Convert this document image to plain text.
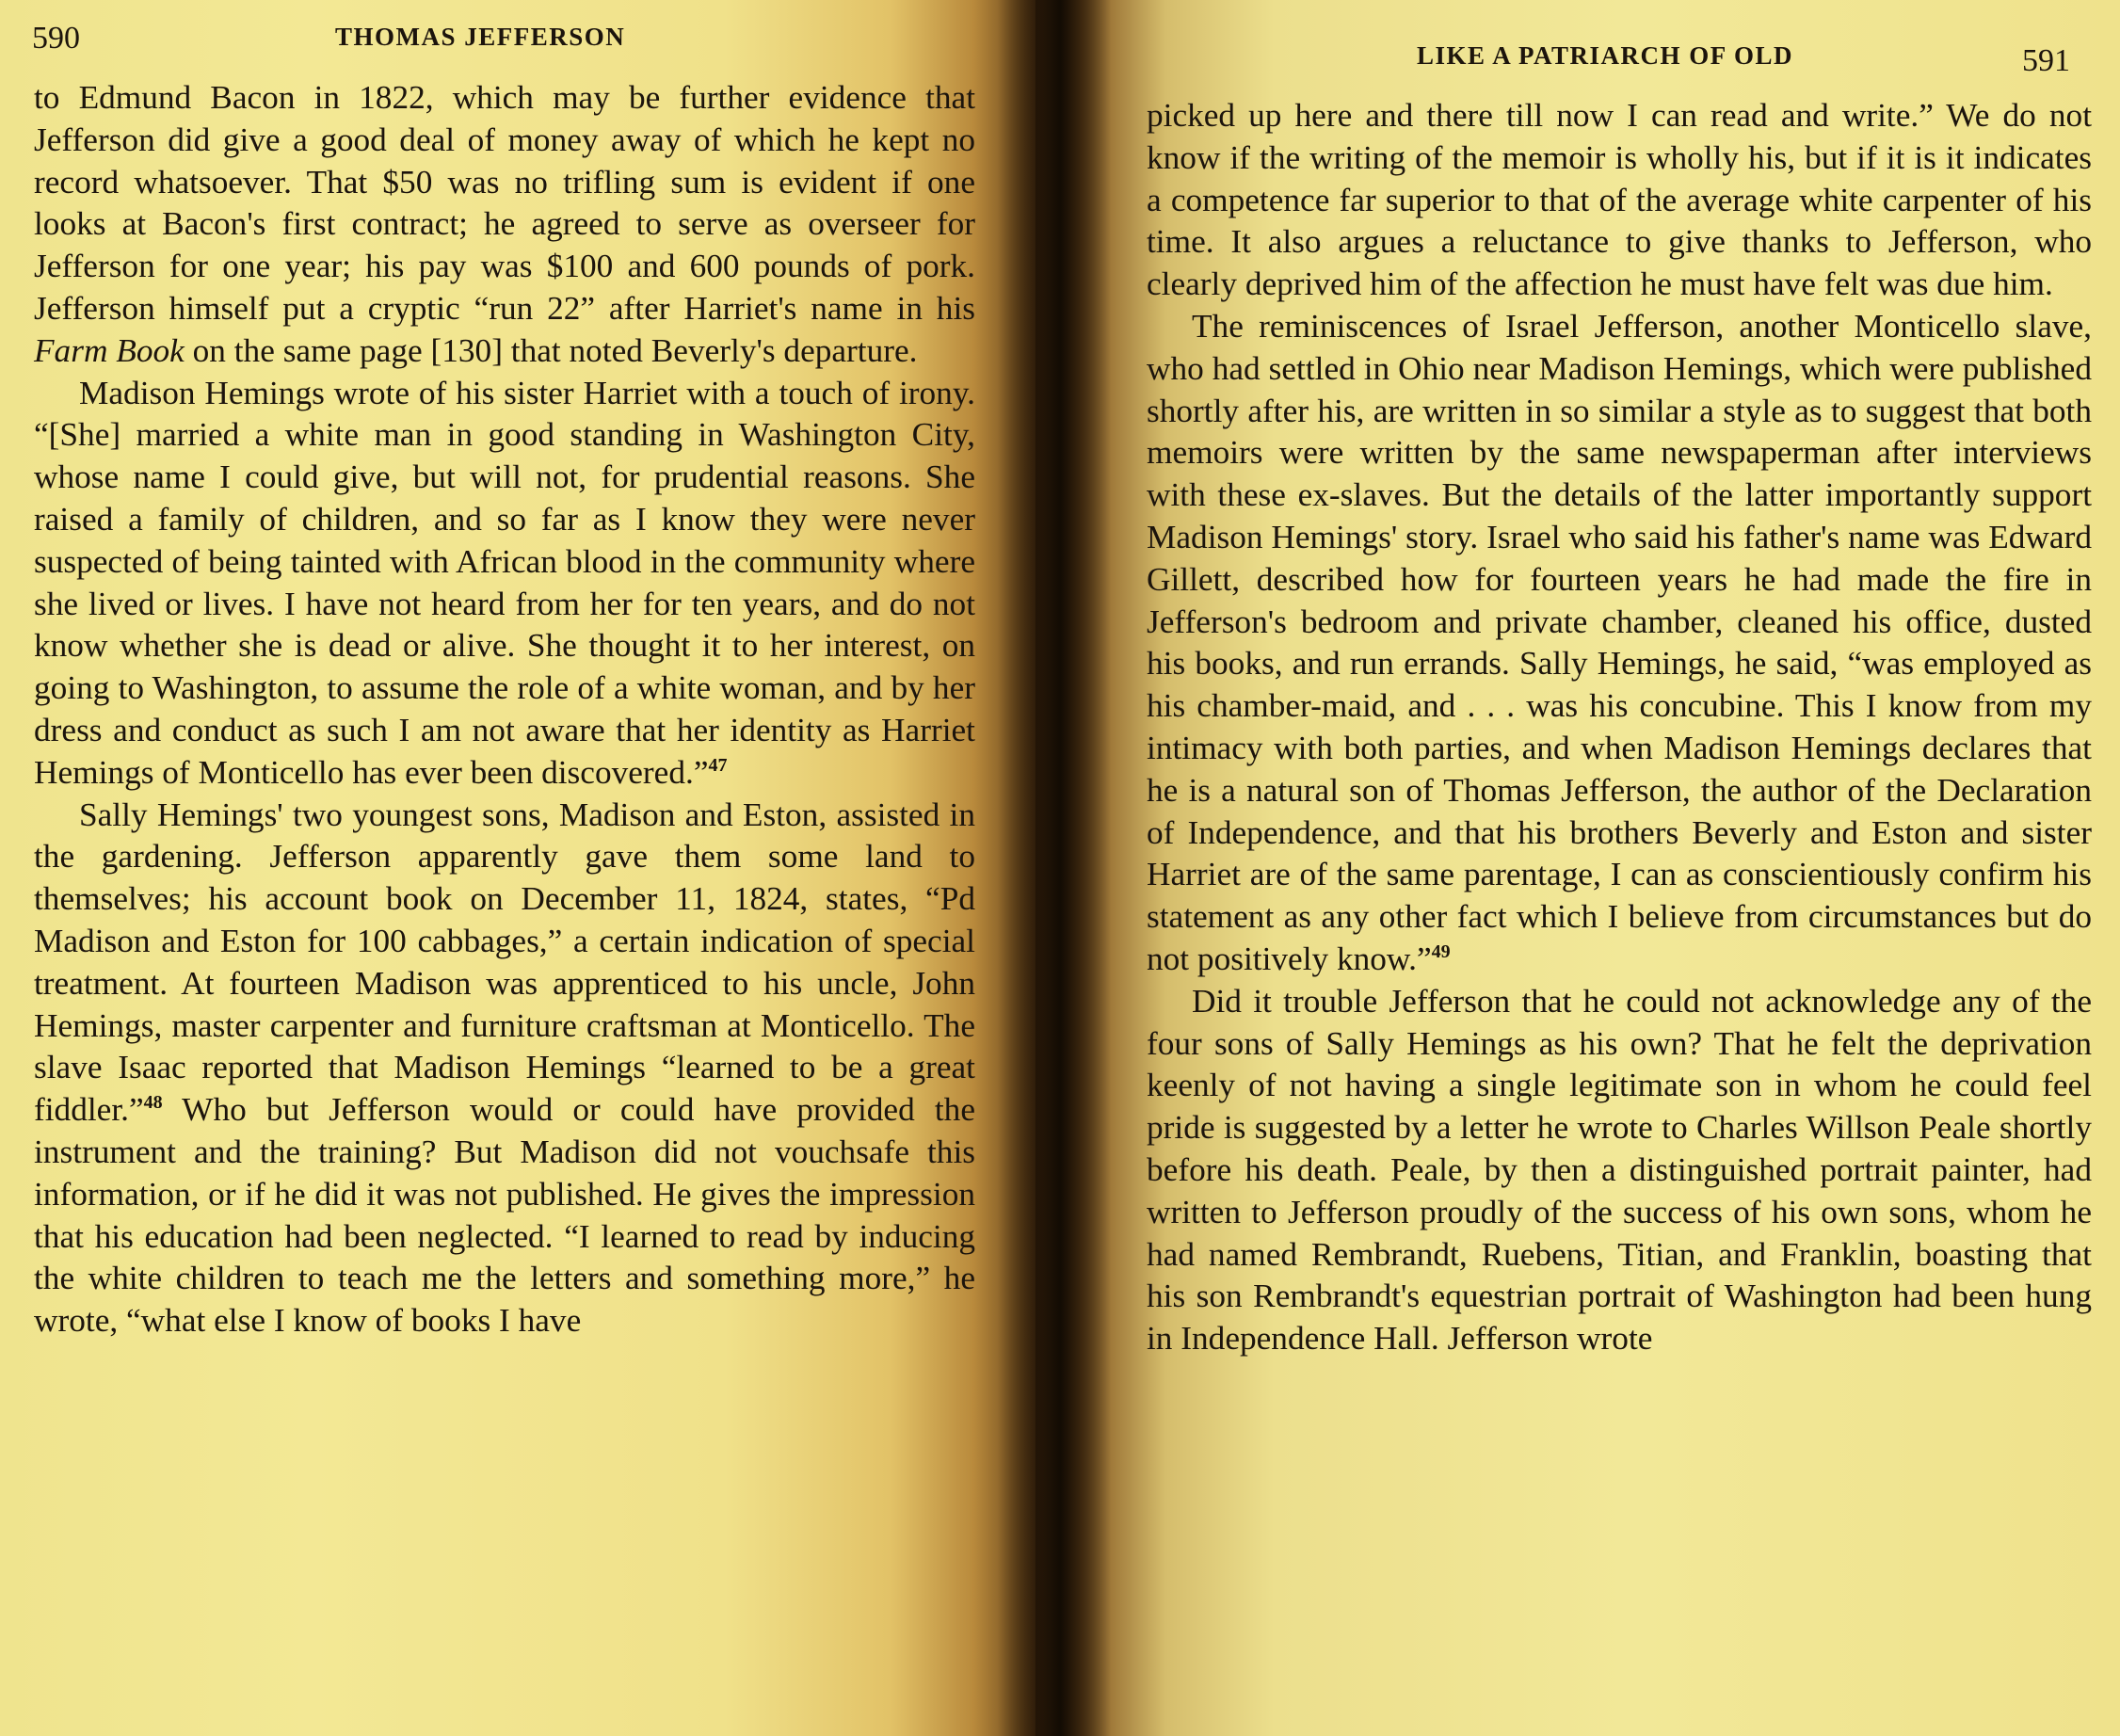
590	THOMAS JEFFERSON

to Edmund Bacon in 1822, which may be further evidence that Jefferson did give a good deal of money away of which he kept no record whatsoever. That $50 was no trifling sum is evident if one looks at Bacon's first contract; he agreed to serve as overseer for Jefferson for one year; his pay was $100 and 600 pounds of pork. Jefferson himself put a cryptic “run 22” after Harriet's name in his Farm Book on the same page [130] that noted Beverly's departure.

Madison Hemings wrote of his sister Harriet with a touch of irony. “[She] married a white man in good standing in Washington City, whose name I could give, but will not, for prudential reasons. She raised a family of children, and so far as I know they were never suspected of being tainted with African blood in the community where she lived or lives. I have not heard from her for ten years, and do not know whether she is dead or alive. She thought it to her interest, on going to Washington, to assume the role of a white woman, and by her dress and conduct as such I am not aware that her identity as Harriet Hemings of Monticello has ever been discovered.”$^{47}$

Sally Hemings' two youngest sons, Madison and Eston, assisted in the gardening. Jefferson apparently gave them some land to themselves; his account book on December 11, 1824, states, “Pd Madison and Eston for 100 cabbages,” a certain indication of special treatment. At fourteen Madison was apprenticed to his uncle, John Hemings, master carpenter and furniture craftsman at Monticello. The slave Isaac reported that Madison Hemings “learned to be a great fiddler.”$^{48}$ Who but Jefferson would or could have provided the instrument and the training? But Madison did not vouchsafe this information, or if he did it was not published. He gives the impression that his education had been neglected. “I learned to read by inducing the white children to teach me the letters and something more,” he wrote, “what else I know of books I have

LIKE A PATRIARCH OF OLD	591

picked up here and there till now I can read and write.” We do not know if the writing of the memoir is wholly his, but if it is it indicates a competence far superior to that of the average white carpenter of his time. It also argues a reluctance to give thanks to Jefferson, who clearly deprived him of the affection he must have felt was due him.

The reminiscences of Israel Jefferson, another Monticello slave, who had settled in Ohio near Madison Hemings, which were published shortly after his, are written in so similar a style as to suggest that both memoirs were written by the same newspaperman after interviews with these ex-slaves. But the details of the latter importantly support Madison Hemings' story. Israel who said his father's name was Edward Gillett, described how for fourteen years he had made the fire in Jefferson's bedroom and private chamber, cleaned his office, dusted his books, and run errands. Sally Hemings, he said, “was employed as his chamber-maid, and . . . was his concubine. This I know from my intimacy with both parties, and when Madison Hemings declares that he is a natural son of Thomas Jefferson, the author of the Declaration of Independence, and that his brothers Beverly and Eston and sister Harriet are of the same parentage, I can as conscientiously confirm his statement as any other fact which I believe from circumstances but do not positively know.”$^{49}$

Did it trouble Jefferson that he could not acknowledge any of the four sons of Sally Hemings as his own? That he felt the deprivation keenly of not having a single legitimate son in whom he could feel pride is suggested by a letter he wrote to Charles Willson Peale shortly before his death. Peale, by then a distinguished portrait painter, had written to Jefferson proudly of the success of his own sons, whom he had named Rembrandt, Ruebens, Titian, and Franklin, boasting that his son Rembrandt's equestrian portrait of Washington had been hung in Independence Hall. Jefferson wrote
